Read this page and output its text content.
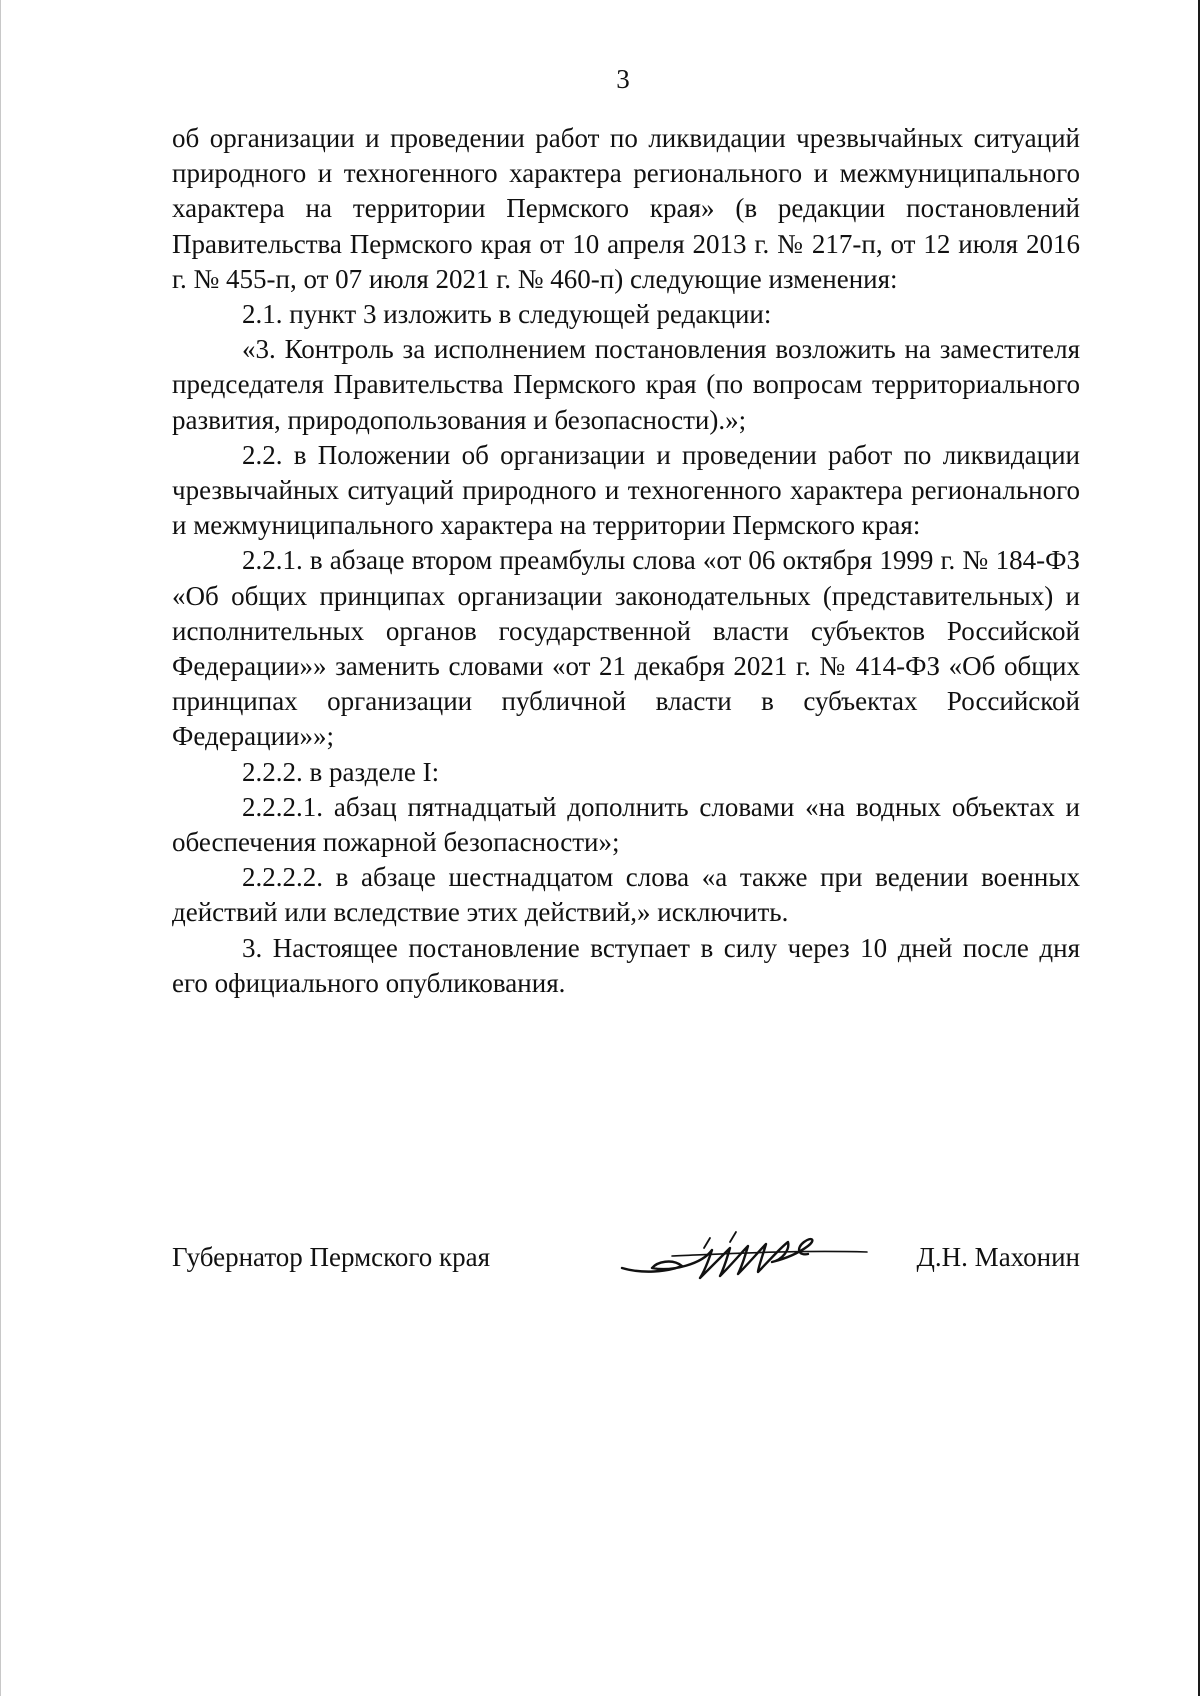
3

об организации и проведении работ по ликвидации чрезвычайных ситуаций природного и техногенного характера регионального и межмуниципального характера на территории Пермского края» (в редакции постановлений Правительства Пермского края от 10 апреля 2013 г. № 217-п, от 12 июля 2016 г. № 455-п, от 07 июля 2021 г. № 460-п) следующие изменения:

2.1. пункт 3 изложить в следующей редакции:

«3. Контроль за исполнением постановления возложить на заместителя председателя Правительства Пермского края (по вопросам территориального развития, природопользования и безопасности).»;

2.2. в Положении об организации и проведении работ по ликвидации чрезвычайных ситуаций природного и техногенного характера регионального и межмуниципального характера на территории Пермского края:

2.2.1. в абзаце втором преамбулы слова «от 06 октября 1999 г. № 184-ФЗ «Об общих принципах организации законодательных (представительных) и исполнительных органов государственной власти субъектов Российской Федерации»» заменить словами «от 21 декабря 2021 г. № 414-ФЗ «Об общих принципах организации публичной власти в субъектах Российской Федерации»»;

2.2.2. в разделе I:

2.2.2.1. абзац пятнадцатый дополнить словами «на водных объектах и обеспечения пожарной безопасности»;

2.2.2.2. в абзаце шестнадцатом слова «а также при ведении военных действий или вследствие этих действий,» исключить.

3. Настоящее постановление вступает в силу через 10 дней после дня его официального опубликования.

Губернатор Пермского края	Д.Н. Махонин
